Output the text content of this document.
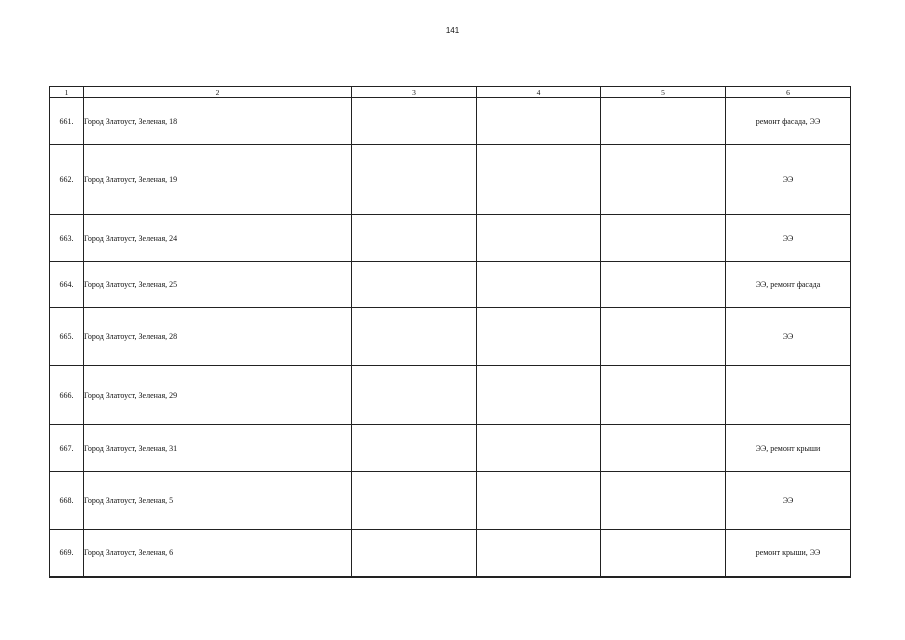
141
1	2	3	4	5	6
661.	Город Златоуст, Зеленая, 18				ремонт фасада, ЭЭ
662.	Город Златоуст, Зеленая, 19				ЭЭ
663.	Город Златоуст, Зеленая, 24				ЭЭ
664.	Город Златоуст, Зеленая, 25				ЭЭ, ремонт фасада
665.	Город Златоуст, Зеленая, 28				ЭЭ
666.	Город Златоуст, Зеленая, 29				
667.	Город Златоуст, Зеленая, 31				ЭЭ, ремонт крыши
668.	Город Златоуст, Зеленая, 5				ЭЭ
669.	Город Златоуст, Зеленая, 6				ремонт крыши, ЭЭ
